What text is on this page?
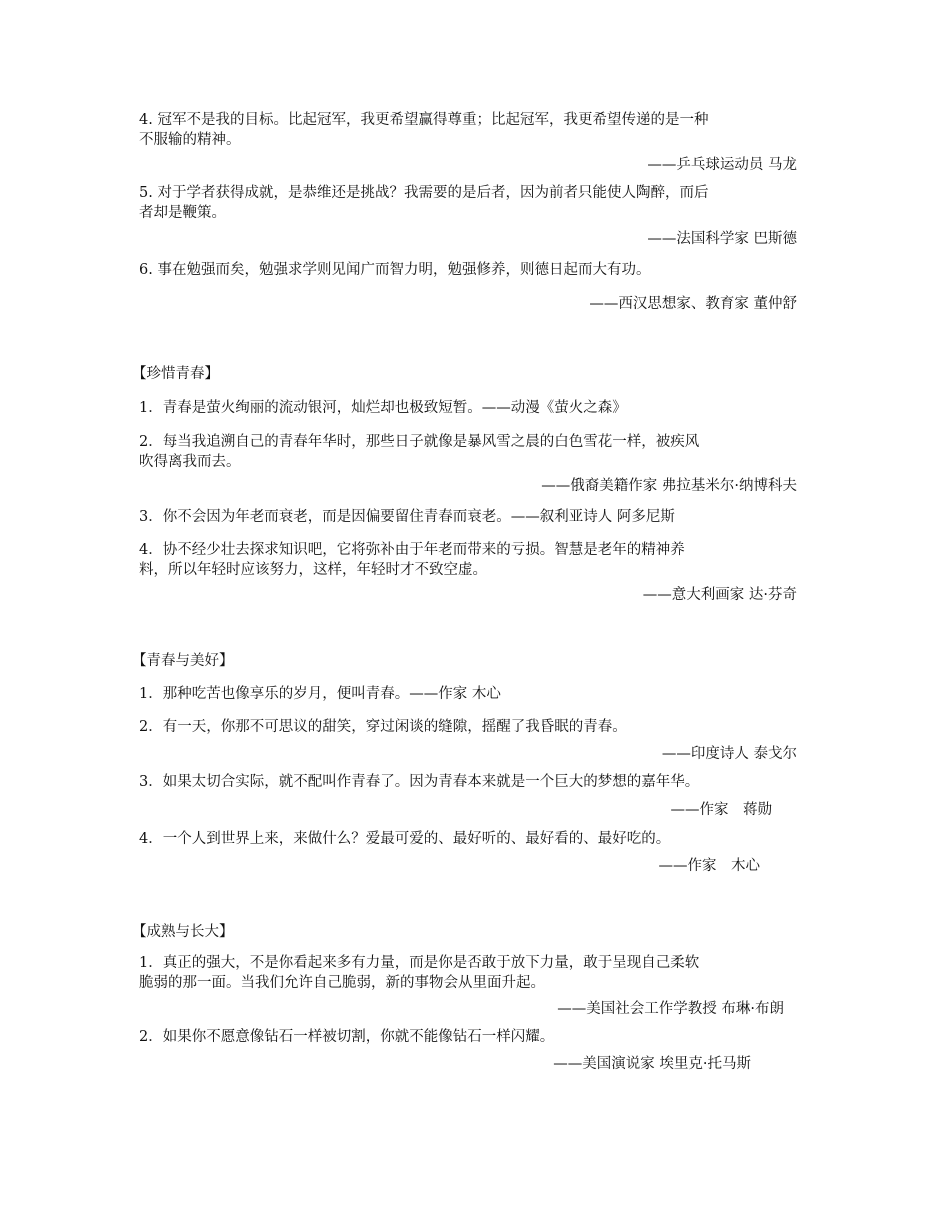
4. 冠军不是我的目标。比起冠军，我更希望赢得尊重；比起冠军，我更希望传递的是一种
不服输的精神。
——乒乓球运动员 马龙
5. 对于学者获得成就，是恭维还是挑战？我需要的是后者，因为前者只能使人陶醉，而后
者却是鞭策。
——法国科学家 巴斯德
6. 事在勉强而矣，勉强求学则见闻广而智力明，勉强修养，则德日起而大有功。
——西汉思想家、教育家 董仲舒
【珍惜青春】
1．青春是萤火绚丽的流动银河，灿烂却也极致短暂。——动漫《萤火之森》
2．每当我追溯自己的青春年华时，那些日子就像是暴风雪之晨的白色雪花一样，被疾风
吹得离我而去。
——俄裔美籍作家 弗拉基米尔·纳博科夫
3．你不会因为年老而衰老，而是因偏要留住青春而衰老。——叙利亚诗人 阿多尼斯
4．协不经少壮去探求知识吧，它将弥补由于年老而带来的亏损。智慧是老年的精神养
料，所以年轻时应该努力，这样，年轻时才不致空虚。
——意大利画家 达·芬奇
【青春与美好】
1．那种吃苦也像享乐的岁月，便叫青春。——作家 木心
2．有一天，你那不可思议的甜笑，穿过闲谈的缝隙，摇醒了我昏眠的青春。
——印度诗人 泰戈尔
3．如果太切合实际，就不配叫作青春了。因为青春本来就是一个巨大的梦想的嘉年华。
——作家　蒋勋
4．一个人到世界上来，来做什么？爱最可爱的、最好听的、最好看的、最好吃的。
——作家　木心
【成熟与长大】
1．真正的强大，不是你看起来多有力量，而是你是否敢于放下力量，敢于呈现自己柔软
脆弱的那一面。当我们允许自己脆弱，新的事物会从里面升起。
——美国社会工作学教授 布琳·布朗
2．如果你不愿意像钻石一样被切割，你就不能像钻石一样闪耀。
——美国演说家 埃里克·托马斯
